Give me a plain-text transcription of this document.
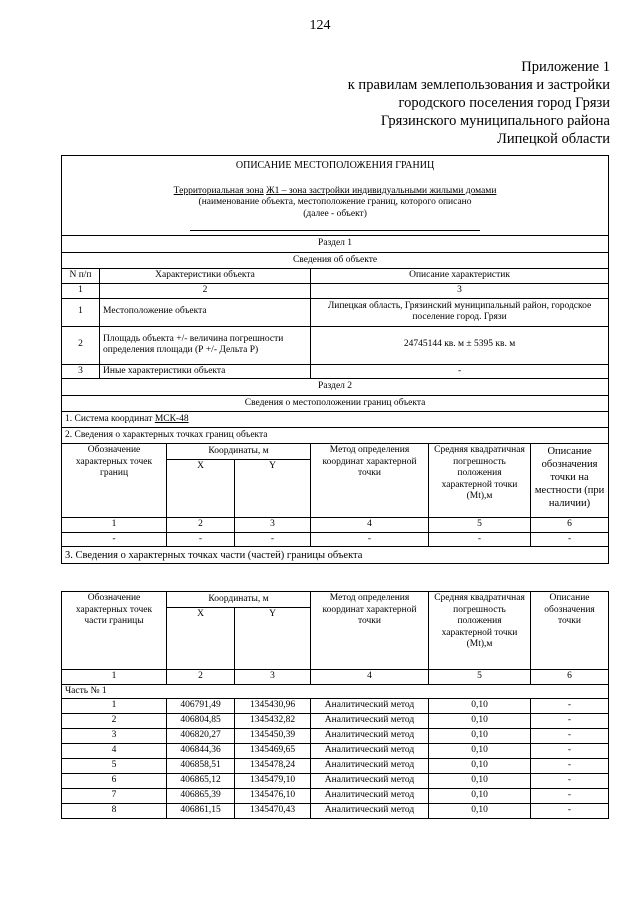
124
Приложение 1
к правилам землепользования и застройки
городского поселения город Грязи
Грязинского муниципального района
Липецкой области
ОПИСАНИЕ МЕСТОПОЛОЖЕНИЯ ГРАНИЦ
Территориальная зона Ж1 – зона застройки индивидуальными жилыми домами
(наименование объекта, местоположение границ, которого описано
(далее - объект)						

Раздел 1						
Сведения об объекте						
N п/п	Характеристики объекта			Описание характеристик		
1	2			3		
1	Местоположение объекта			Липецкая область, Грязинский муниципальный район, городское поселение город. Грязи		
2	Площадь объекта +/- величина погрешности определения площади (Р +/- Дельта Р)			24745144 кв. м ± 5395 кв. м		
3	Иные характеристики объекта			-		
Раздел 2						
Сведения о местоположении границ объекта						
1. Система координат МСК-48						
2. Сведения о характерных точках границ объекта						
Обозначение характерных точек границ		Координаты, м		Метод определения координат характерной точки	Средняя квадратичная погрешность положения характерной точки (Mt),м	Описание обозначения точки на местности (при наличии)
		X	Y			
1		2	3	4	5	6
-		-	-	-	-	-
3. Сведения о характерных точках части (частей) границы объекта						
Обозначение характерных точек части границы	Координаты, м		Метод определения координат характерной точки	Средняя квадратичная погрешность положения характерной точки (Mt),м	Описание обозначения точки
	X	Y			
1	2	3	4	5	6
Часть № 1					
1	406791,49	1345430,96	Аналитический метод	0,10	-
2	406804,85	1345432,82	Аналитический метод	0,10	-
3	406820,27	1345450,39	Аналитический метод	0,10	-
4	406844,36	1345469,65	Аналитический метод	0,10	-
5	406858,51	1345478,24	Аналитический метод	0,10	-
6	406865,12	1345479,10	Аналитический метод	0,10	-
7	406865,39	1345476,10	Аналитический метод	0,10	-
8	406861,15	1345470,43	Аналитический метод	0,10	-
